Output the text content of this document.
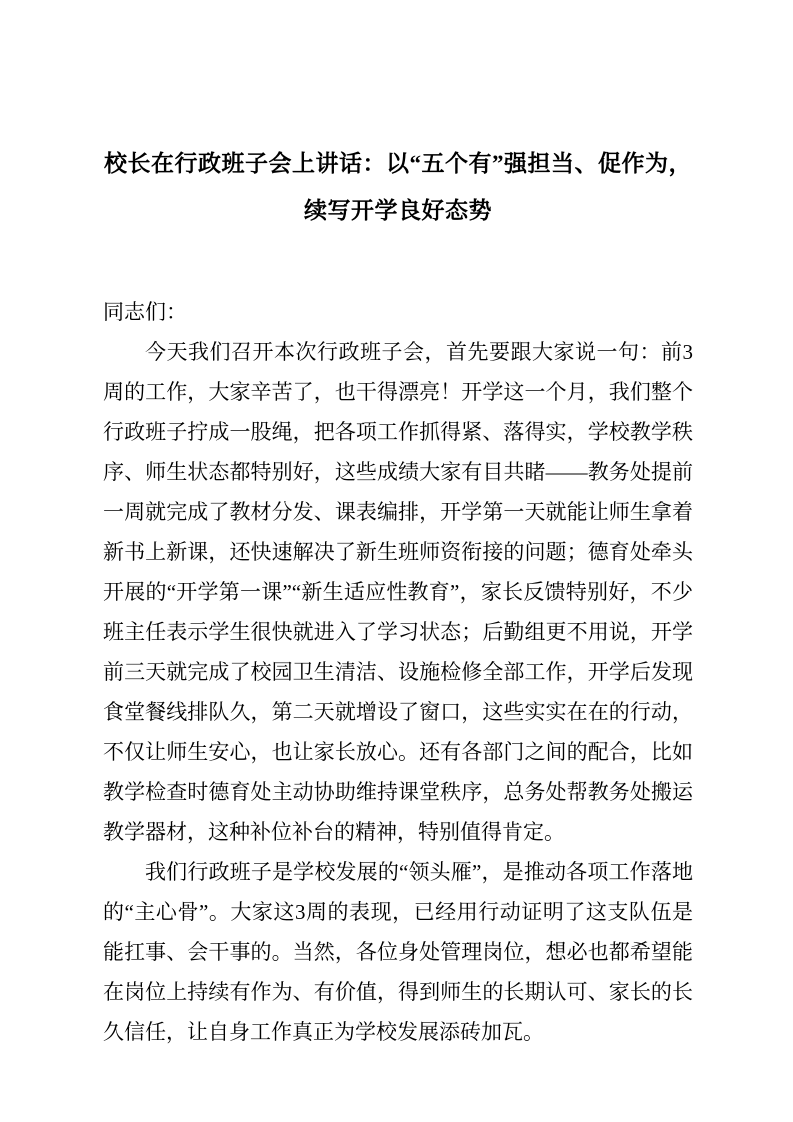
校长在行政班子会上讲话：以“五个有”强担当、促作为，续写开学良好态势

同志们：

今天我们召开本次行政班子会，首先要跟大家说一句：前3周的工作，大家辛苦了，也干得漂亮！开学这一个月，我们整个行政班子拧成一股绳，把各项工作抓得紧、落得实，学校教学秩序、师生状态都特别好，这些成绩大家有目共睹——教务处提前一周就完成了教材分发、课表编排，开学第一天就能让师生拿着新书上新课，还快速解决了新生班师资衔接的问题；德育处牵头开展的“开学第一课”“新生适应性教育”，家长反馈特别好，不少班主任表示学生很快就进入了学习状态；后勤组更不用说，开学前三天就完成了校园卫生清洁、设施检修全部工作，开学后发现食堂餐线排队久，第二天就增设了窗口，这些实实在在的行动，不仅让师生安心，也让家长放心。还有各部门之间的配合，比如教学检查时德育处主动协助维持课堂秩序，总务处帮教务处搬运教学器材，这种补位补台的精神，特别值得肯定。

我们行政班子是学校发展的“领头雁”，是推动各项工作落地的“主心骨”。大家这3周的表现，已经用行动证明了这支队伍是能扛事、会干事的。当然，各位身处管理岗位，想必也都希望能在岗位上持续有作为、有价值，得到师生的长期认可、家长的长久信任，让自身工作真正为学校发展添砖加瓦。
